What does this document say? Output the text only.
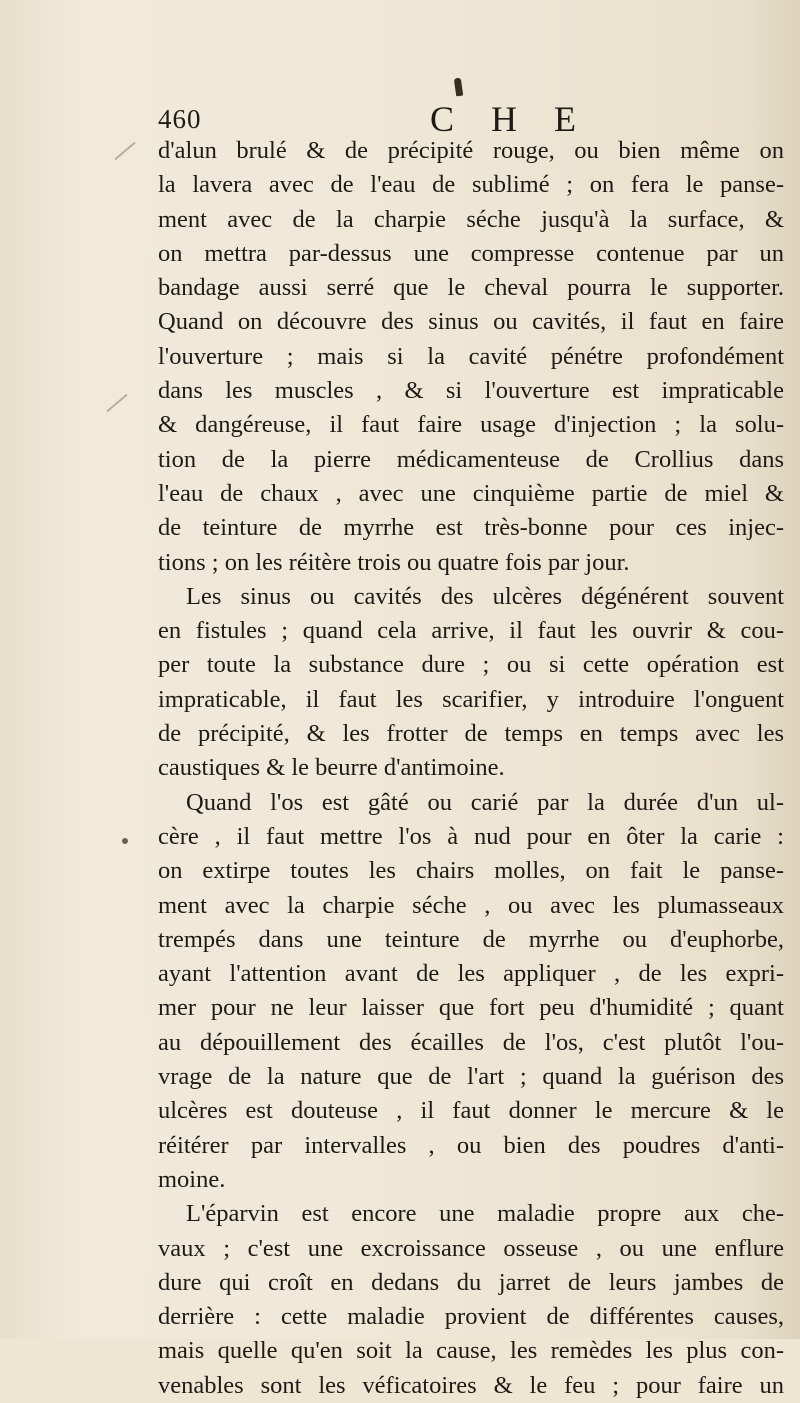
460	C H E
d'alun brulé & de précipité rouge, ou bien même on
la lavera avec de l'eau de sublimé ; on fera le panse-
ment avec de la charpie séche jusqu'à la surface, &
on mettra par-dessus une compresse contenue par un
bandage aussi serré que le cheval pourra le supporter.
Quand on découvre des sinus ou cavités, il faut en faire
l'ouverture ; mais si la cavité pénétre profondément
dans les muscles , & si l'ouverture est impraticable
& dangéreuse, il faut faire usage d'injection ; la solu-
tion de la pierre médicamenteuse de Crollius dans
l'eau de chaux , avec une cinquième partie de miel &
de teinture de myrrhe est très-bonne pour ces injec-
tions ; on les réitère trois ou quatre fois par jour.
Les sinus ou cavités des ulcères dégénérent souvent
en fistules ; quand cela arrive, il faut les ouvrir & cou-
per toute la substance dure ; ou si cette opération est
impraticable, il faut les scarifier, y introduire l'onguent
de précipité, & les frotter de temps en temps avec les
caustiques & le beurre d'antimoine.
Quand l'os est gâté ou carié par la durée d'un ul-
cère , il faut mettre l'os à nud pour en ôter la carie :
on extirpe toutes les chairs molles, on fait le panse-
ment avec la charpie séche , ou avec les plumasseaux
trempés dans une teinture de myrrhe ou d'euphorbe,
ayant l'attention avant de les appliquer , de les expri-
mer pour ne leur laisser que fort peu d'humidité ; quant
au dépouillement des écailles de l'os, c'est plutôt l'ou-
vrage de la nature que de l'art ; quand la guérison des
ulcères est douteuse , il faut donner le mercure & le
réitérer par intervalles , ou bien des poudres d'anti-
moine.
L'éparvin est encore une maladie propre aux che-
vaux ; c'est une excroissance osseuse , ou une enflure
dure qui croît en dedans du jarret de leurs jambes de
derrière : cette maladie provient de différentes causes,
mais quelle qu'en soit la cause, les remèdes les plus con-
venables sont les véficatoires & le feu ; pour faire un
